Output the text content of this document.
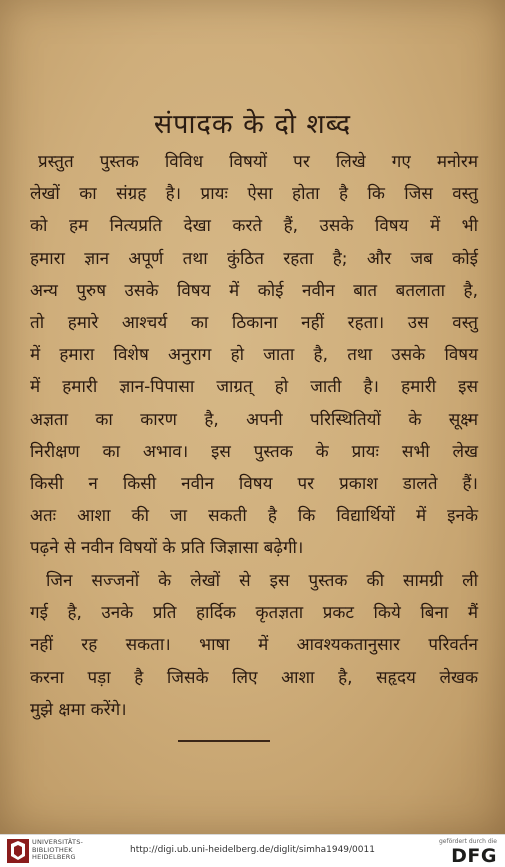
संपादक के दो शब्द

प्रस्तुत पुस्तक विविध विषयों पर लिखे गए मनोरम
लेखों का संग्रह है। प्रायः ऐसा होता है कि जिस वस्तु
को हम नित्यप्रति देखा करते हैं, उसके विषय में भी
हमारा ज्ञान अपूर्ण तथा कुंठित रहता है; और जब कोई
अन्य पुरुष उसके विषय में कोई नवीन बात बतलाता है,
तो हमारे आश्चर्य का ठिकाना नहीं रहता। उस वस्तु
में हमारा विशेष अनुराग हो जाता है, तथा उसके विषय
में हमारी ज्ञान-पिपासा जाग्रत् हो जाती है। हमारी इस
अज्ञता का कारण है, अपनी परिस्थितियों के सूक्ष्म
निरीक्षण का अभाव। इस पुस्तक के प्रायः सभी लेख
किसी न किसी नवीन विषय पर प्रकाश डालते हैं।
अतः आशा की जा सकती है कि विद्यार्थियों में इनके
पढ़ने से नवीन विषयों के प्रति जिज्ञासा बढ़ेगी।

जिन सज्जनों के लेखों से इस पुस्तक की सामग्री ली
गई है, उनके प्रति हार्दिक कृतज्ञता प्रकट किये बिना मैं
नहीं रह सकता। भाषा में आवश्यकतानुसार परिवर्तन
करना पड़ा है जिसके लिए आशा है, सहृदय लेखक
मुझे क्षमा करेंगे।

UNIVERSITÄTS-
BIBLIOTHEK
HEIDELBERG
http://digi.ub.uni-heidelberg.de/diglit/simha1949/0011
gefördert durch die
DFG
